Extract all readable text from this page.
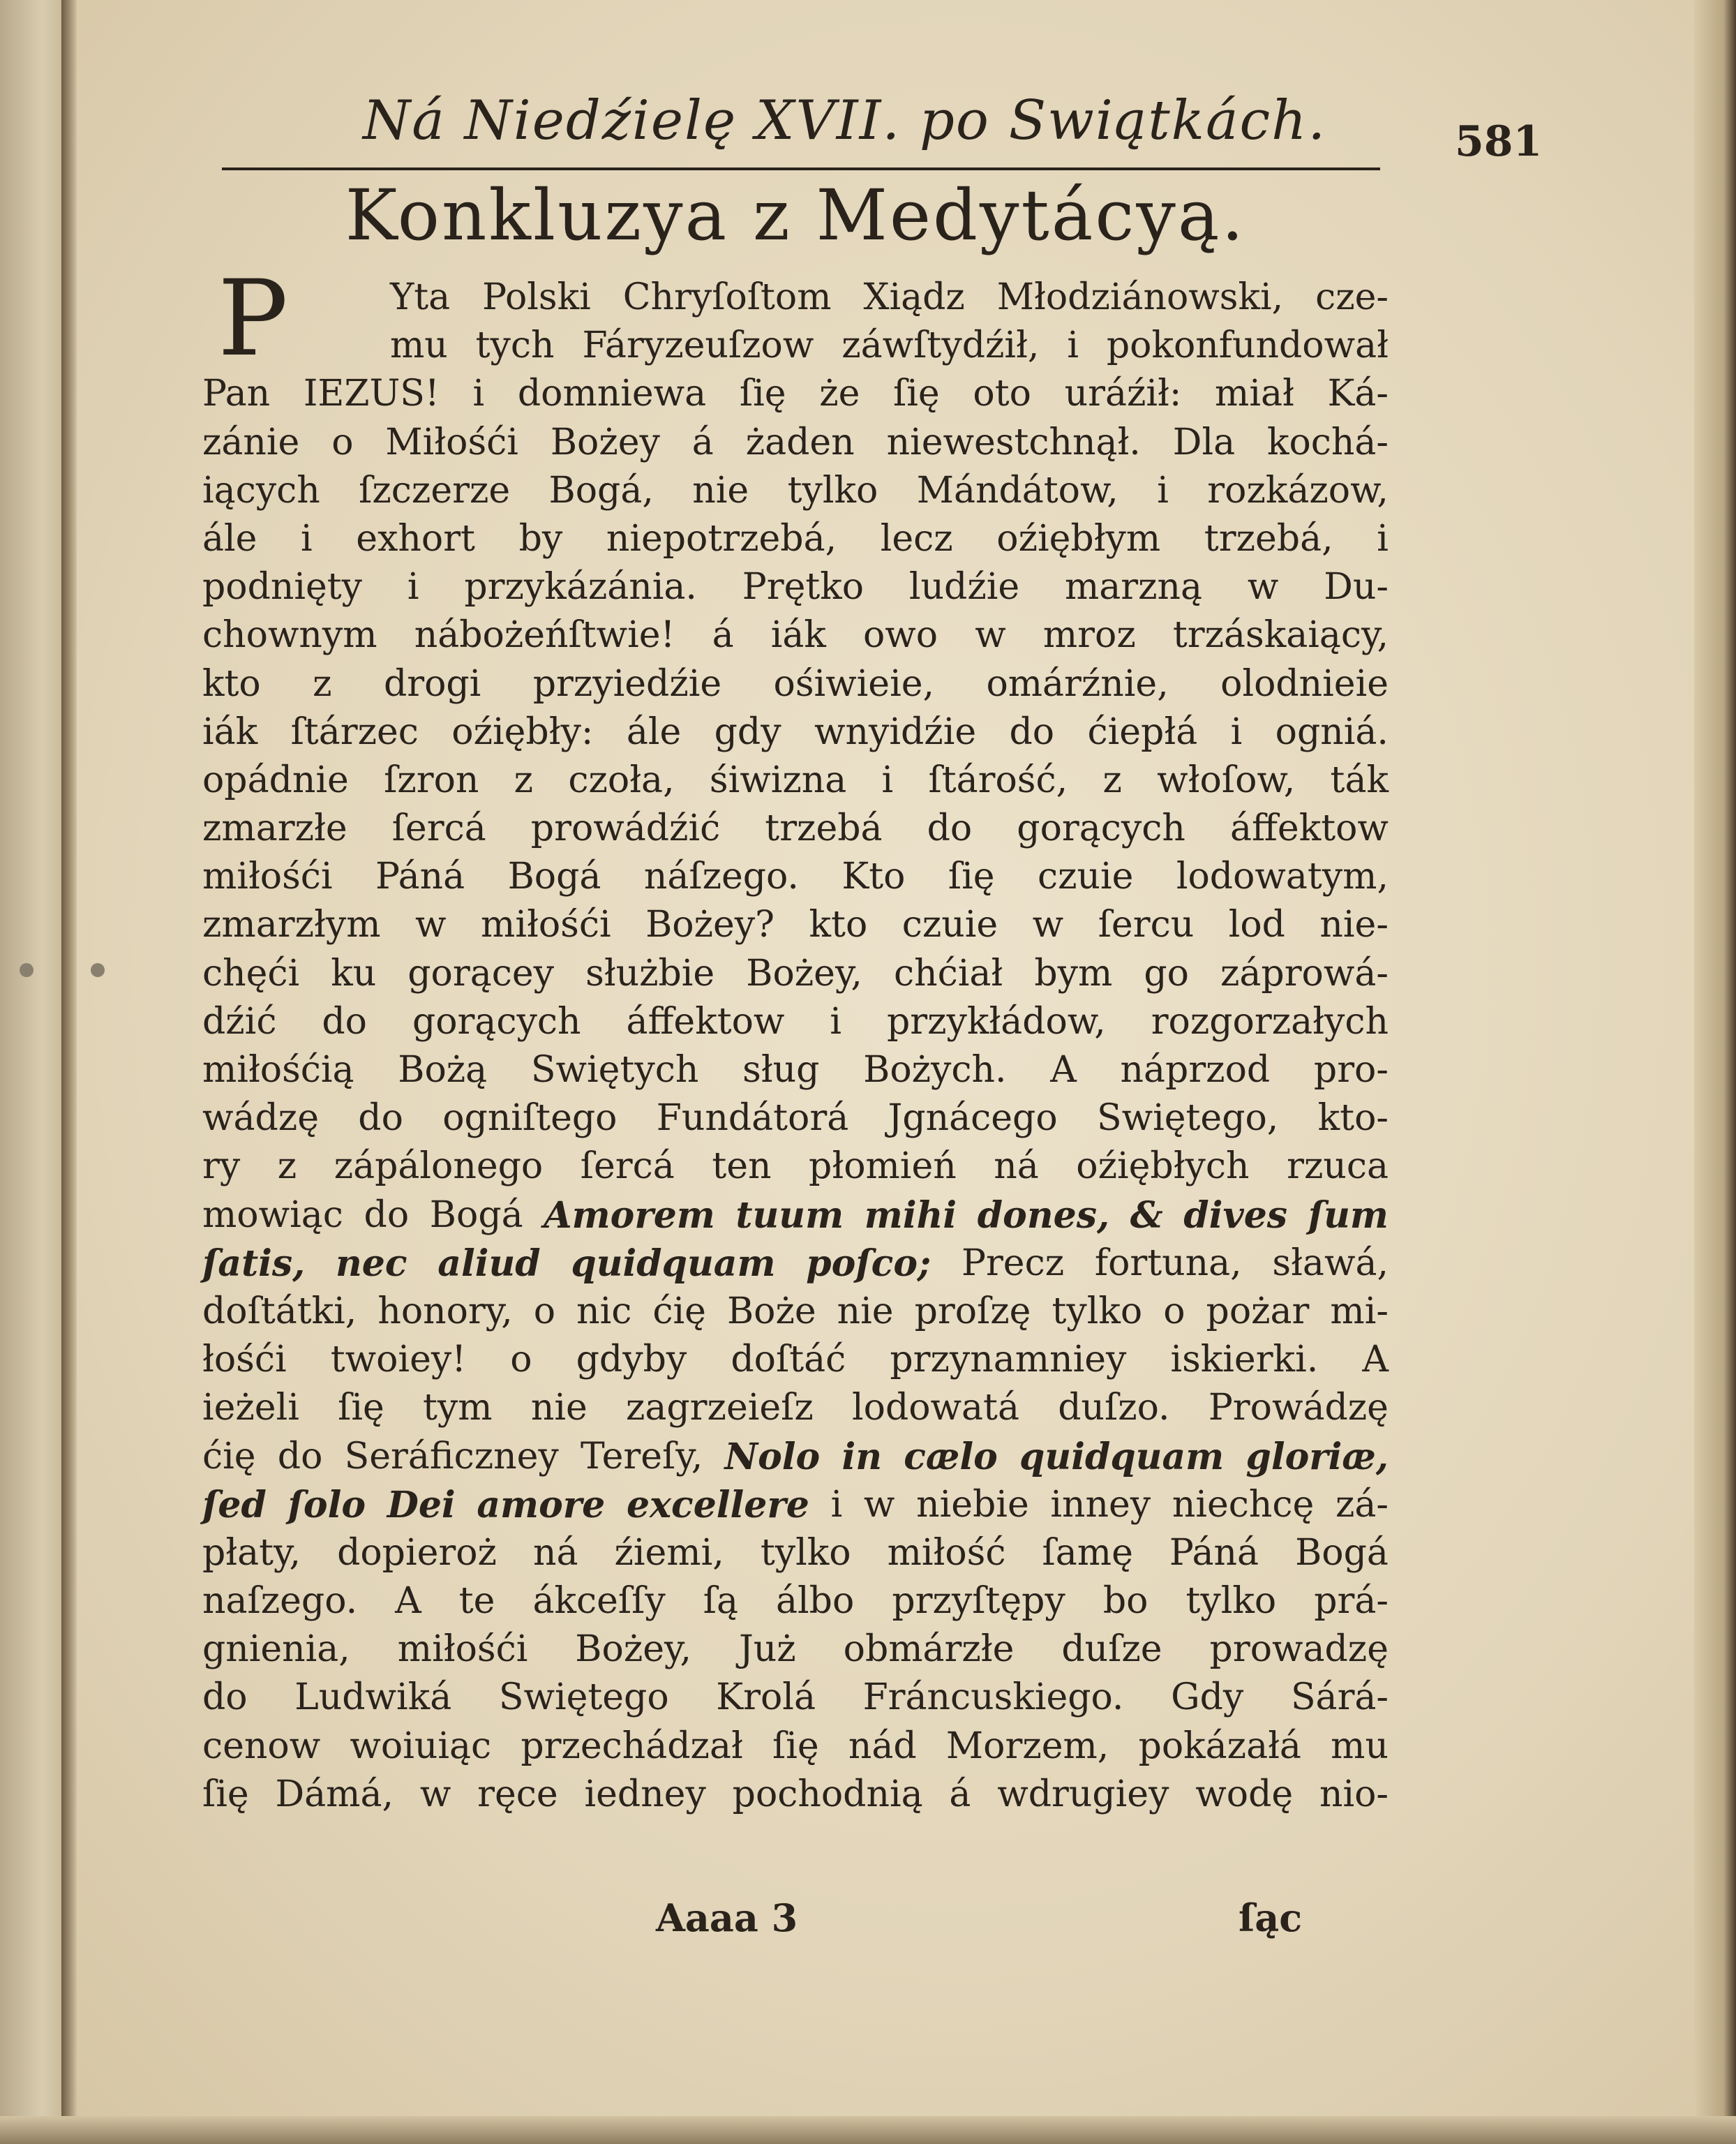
Ná Niedźielę XVII. po Swiątkách.	581
Konkluzya z Medytácyą.
P	Yta Polski Chryſoſtom Xiądz Młodziánowski, cze-
mu tych Fáryzeuſzow záwſtydźił, i pokonfundował
Pan IEZUS! i domniewa ſię że ſię oto uráźił: miał Ká-
zánie o Miłośći Bożey á żaden niewestchnął. Dla kochá-
iących ſzczerze Bogá, nie tylko Mándátow, i rozkázow,
ále i exhort by niepotrzebá, lecz oźiębłym trzebá, i
podnięty i przykázánia. Prętko ludźie marzną w Du-
chownym nábożeńſtwie! á iák owo w mroz trzáskaiący,
kto z drogi przyiedźie ośiwieie, omárźnie, olodnieie
iák ſtárzec oźiębły: ále gdy wnyidźie do ćiepłá i ogniá.
opádnie ſzron z czoła, śiwizna i ſtárość, z włoſow, ták
zmarzłe ſercá prowádźić trzebá do gorących áffektow
miłośći Páná Bogá náſzego. Kto ſię czuie lodowatym,
zmarzłym w miłośći Bożey? kto czuie w ſercu lod nie-
chęći ku gorącey służbie Bożey, chćiał bym go záprowá-
dźić do gorących áffektow i przykłádow, rozgorzałych
miłośćią Bożą Swiętych sług Bożych. A náprzod pro-
wádzę do ogniſtego Fundátorá Jgnácego Swiętego, kto-
ry z zápálonego ſercá ten płomień ná oźiębłych rzuca
mowiąc do Bogá Amorem tuum mihi dones, & dives ſum
ſatis, nec aliud quidquam poſco; Precz fortuna, sławá,
doſtátki, honory, o nic ćię Boże nie proſzę tylko o pożar mi-
łośći twoiey! o gdyby doſtáć przynamniey iskierki. A
ieżeli ſię tym nie zagrzeieſz lodowatá duſzo. Prowádzę
ćię do Seráficzney Tereſy, Nolo in cælo quidquam gloriæ,
ſed ſolo Dei amore excellere i w niebie inney niechcę zá-
płaty, dopieroż ná źiemi, tylko miłość ſamę Páná Bogá
naſzego. A te ákceſſy ſą álbo przyſtępy bo tylko prá-
gnienia, miłośći Bożey, Już obmárzłe duſze prowadzę
do Ludwiká Swiętego Krolá Fráncuskiego. Gdy Sárá-
cenow woiuiąc przechádzał ſię nád Morzem, pokázałá mu
ſię Dámá, w ręce iedney pochodnią á wdrugiey wodę nio-
Aaaa 3	ſąc
